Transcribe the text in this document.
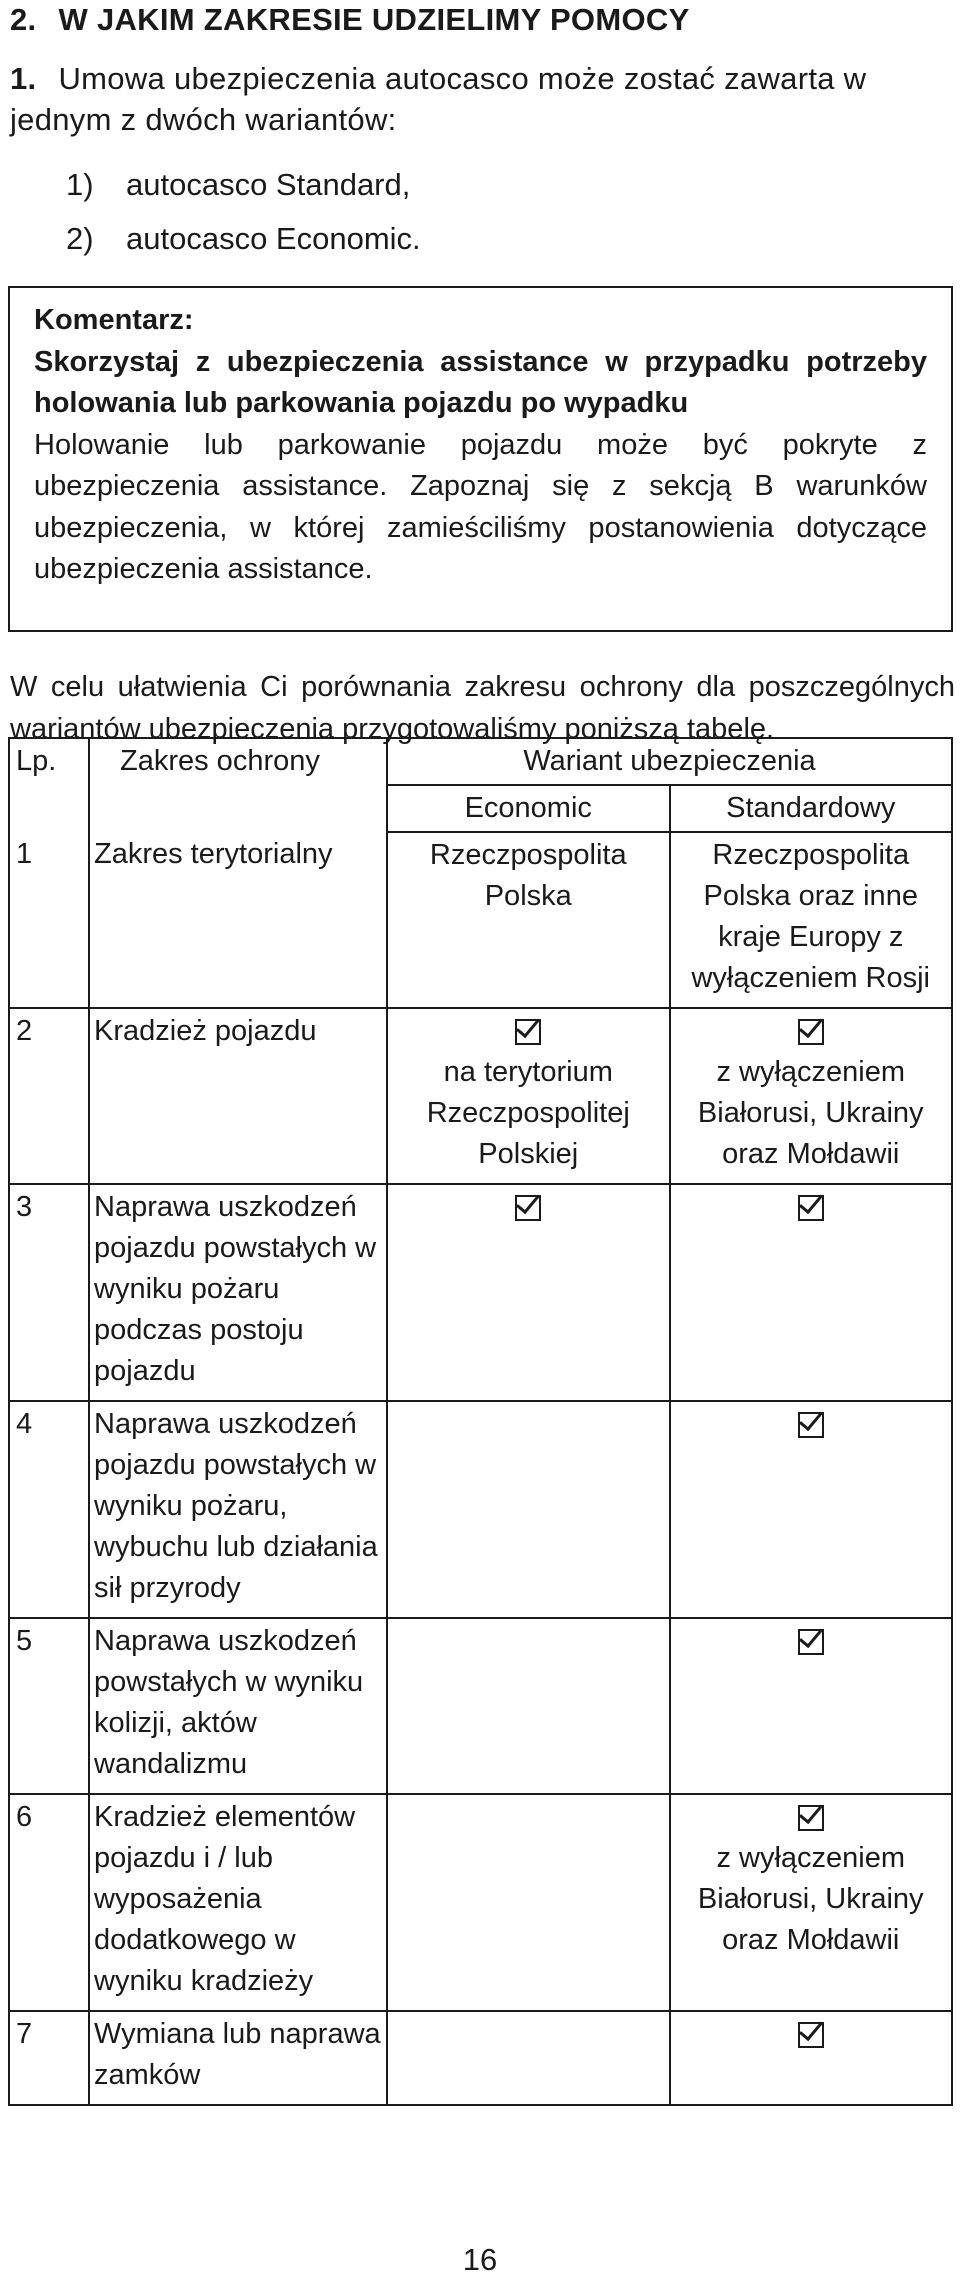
2. W JAKIM ZAKRESIE UDZIELIMY POMOCY
1. Umowa ubezpieczenia autocasco może zostać zawarta w jednym z dwóch wariantów:
1) autocasco Standard,
2) autocasco Economic.

Komentarz:

Skorzystaj z ubezpieczenia assistance w przypadku potrzeby holowania lub parkowania pojazdu po wypadku

Holowanie lub parkowanie pojazdu może być pokryte z ubezpieczenia assistance. Zapoznaj się z sekcją B warunków ubezpieczenia, w której zamieściliśmy postanowienia dotyczące ubezpieczenia assistance.

W celu ułatwienia Ci porównania zakresu ochrony dla poszczególnych wariantów ubezpieczenia przygotowaliśmy poniższą tabelę.

Lp.	Zakres ochrony	Wariant ubezpieczenia	
		Economic	Standardowy
1	Zakres terytorialny	Rzeczpospolita Polska	Rzeczpospolita Polska oraz inne kraje Europy z wyłączeniem Rosji

2	Kradzież pojazdu	na terytorium Rzeczpospolitej Polskiej	z wyłączeniem Białorusi, Ukrainy oraz Mołdawii

3	Naprawa uszkodzeń pojazdu powstałych w wyniku pożaru podczas postoju pojazdu		
4	Naprawa uszkodzeń pojazdu powstałych w wyniku pożaru, wybuchu lub działania sił przyrody		
5	Naprawa uszkodzeń powstałych w wyniku kolizji, aktów wandalizmu		
6	Kradzież elementów pojazdu i / lub wyposażenia dodatkowego w wyniku kradzieży		z wyłączeniem Białorusi, Ukrainy oraz Mołdawii

7	Wymiana lub naprawa zamków		
16
